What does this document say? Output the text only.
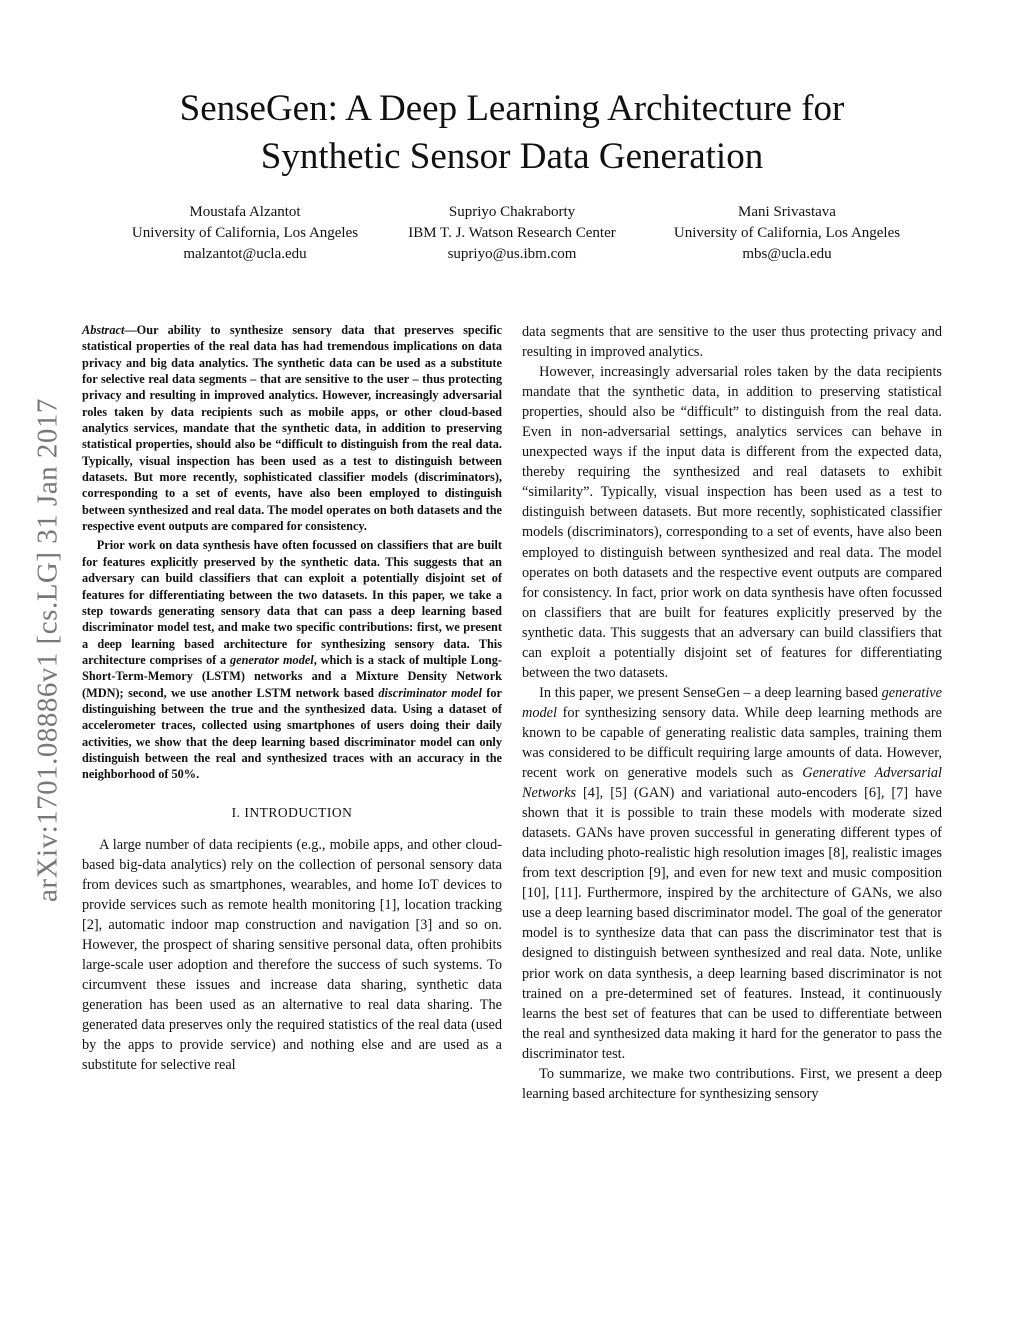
arXiv:1701.08886v1 [cs.LG] 31 Jan 2017
SenseGen: A Deep Learning Architecture for
Synthetic Sensor Data Generation
Moustafa Alzantot
University of California, Los Angeles
malzantot@ucla.edu
Supriyo Chakraborty
IBM T. J. Watson Research Center
supriyo@us.ibm.com
Mani Srivastava
University of California, Los Angeles
mbs@ucla.edu

Abstract—Our ability to synthesize sensory data that preserves specific statistical properties of the real data has had tremendous implications on data privacy and big data analytics. The synthetic data can be used as a substitute for selective real data segments – that are sensitive to the user – thus protecting privacy and resulting in improved analytics. However, increasingly adversarial roles taken by data recipients such as mobile apps, or other cloud-based analytics services, mandate that the synthetic data, in addition to preserving statistical properties, should also be “difficult to distinguish from the real data. Typically, visual inspection has been used as a test to distinguish between datasets. But more recently, sophisticated classifier models (discriminators), corresponding to a set of events, have also been employed to distinguish between synthesized and real data. The model operates on both datasets and the respective event outputs are compared for consistency.

Prior work on data synthesis have often focussed on classifiers that are built for features explicitly preserved by the synthetic data. This suggests that an adversary can build classifiers that can exploit a potentially disjoint set of features for differentiating between the two datasets. In this paper, we take a step towards generating sensory data that can pass a deep learning based discriminator model test, and make two specific contributions: first, we present a deep learning based architecture for synthesizing sensory data. This architecture comprises of a generator model, which is a stack of multiple Long-Short-Term-Memory (LSTM) networks and a Mixture Density Network (MDN); second, we use another LSTM network based discriminator model for distinguishing between the true and the synthesized data. Using a dataset of accelerometer traces, collected using smartphones of users doing their daily activities, we show that the deep learning based discriminator model can only distinguish between the real and synthesized traces with an accuracy in the neighborhood of 50%.

I. INTRODUCTION

A large number of data recipients (e.g., mobile apps, and other cloud-based big-data analytics) rely on the collection of personal sensory data from devices such as smartphones, wearables, and home IoT devices to provide services such as remote health monitoring [1], location tracking [2], automatic indoor map construction and navigation [3] and so on. However, the prospect of sharing sensitive personal data, often prohibits large-scale user adoption and therefore the success of such systems. To circumvent these issues and increase data sharing, synthetic data generation has been used as an alternative to real data sharing. The generated data preserves only the required statistics of the real data (used by the apps to provide service) and nothing else and are used as a substitute for selective real

data segments that are sensitive to the user thus protecting privacy and resulting in improved analytics.

However, increasingly adversarial roles taken by the data recipients mandate that the synthetic data, in addition to preserving statistical properties, should also be “difficult” to distinguish from the real data. Even in non-adversarial settings, analytics services can behave in unexpected ways if the input data is different from the expected data, thereby requiring the synthesized and real datasets to exhibit “similarity”. Typically, visual inspection has been used as a test to distinguish between datasets. But more recently, sophisticated classifier models (discriminators), corresponding to a set of events, have also been employed to distinguish between synthesized and real data. The model operates on both datasets and the respective event outputs are compared for consistency. In fact, prior work on data synthesis have often focussed on classifiers that are built for features explicitly preserved by the synthetic data. This suggests that an adversary can build classifiers that can exploit a potentially disjoint set of features for differentiating between the two datasets.

In this paper, we present SenseGen – a deep learning based generative model for synthesizing sensory data. While deep learning methods are known to be capable of generating realistic data samples, training them was considered to be difficult requiring large amounts of data. However, recent work on generative models such as Generative Adversarial Networks [4], [5] (GAN) and variational auto-encoders [6], [7] have shown that it is possible to train these models with moderate sized datasets. GANs have proven successful in generating different types of data including photo-realistic high resolution images [8], realistic images from text description [9], and even for new text and music composition [10], [11]. Furthermore, inspired by the architecture of GANs, we also use a deep learning based discriminator model. The goal of the generator model is to synthesize data that can pass the discriminator test that is designed to distinguish between synthesized and real data. Note, unlike prior work on data synthesis, a deep learning based discriminator is not trained on a pre-determined set of features. Instead, it continuously learns the best set of features that can be used to differentiate between the real and synthesized data making it hard for the generator to pass the discriminator test.

To summarize, we make two contributions. First, we present a deep learning based architecture for synthesizing sensory
